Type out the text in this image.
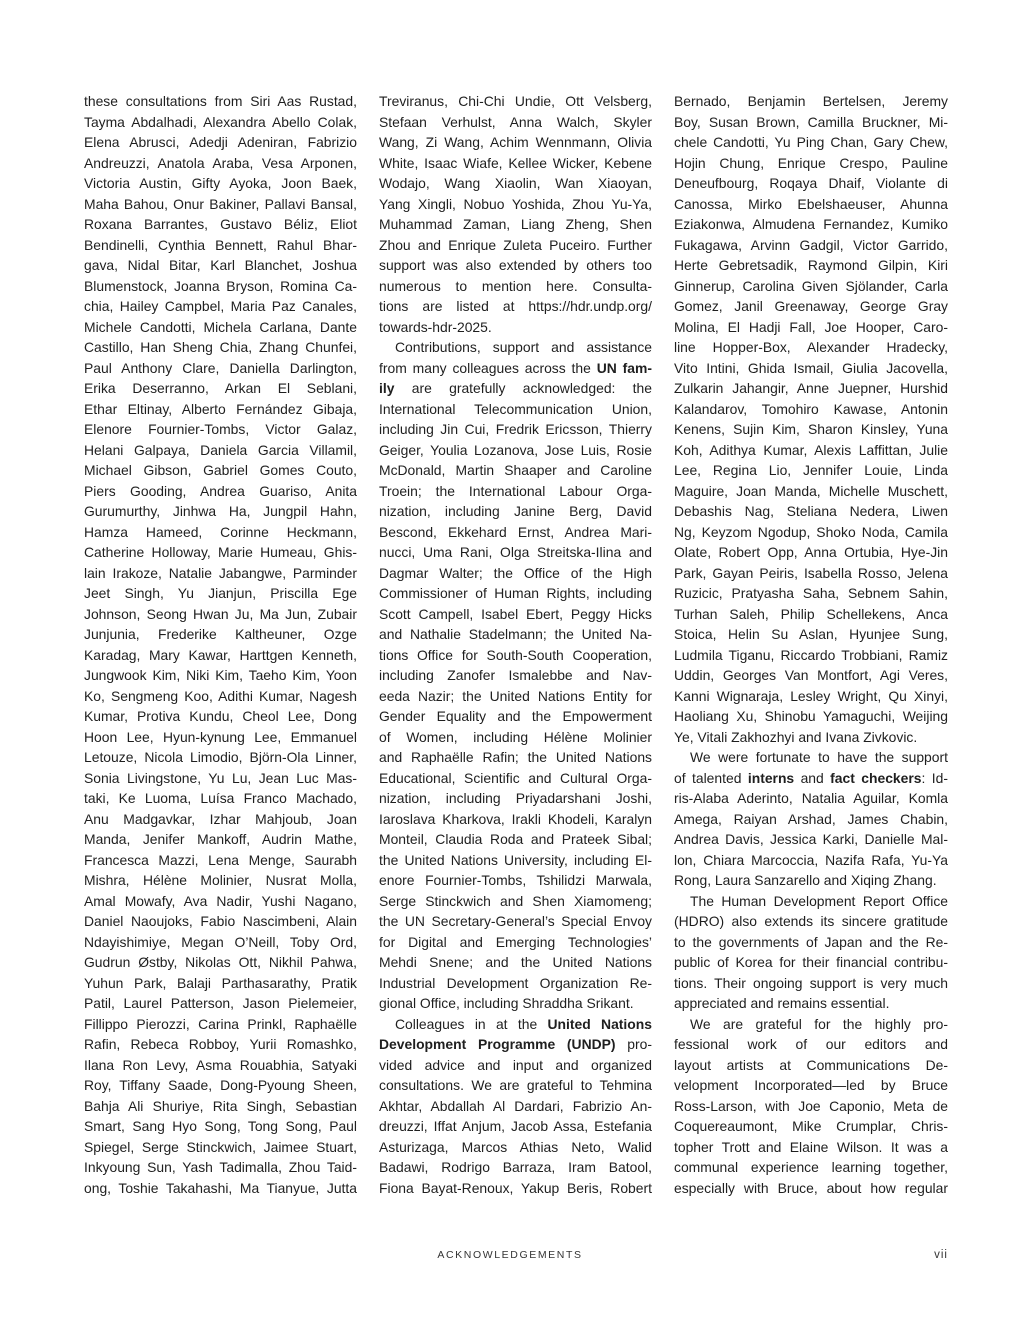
these consultations from Siri Aas Rustad,
Tayma Abdalhadi, Alexandra Abello Colak,
Elena Abrusci, Adedji Adeniran, Fabrizio
Andreuzzi, Anatola Araba, Vesa Arponen,
Victoria Austin, Gifty Ayoka, Joon Baek,
Maha Bahou, Onur Bakiner, Pallavi Bansal,
Roxana Barrantes, Gustavo Béliz, Eliot
Bendinelli, Cynthia Bennett, Rahul Bhar-
gava, Nidal Bitar, Karl Blanchet, Joshua
Blumenstock, Joanna Bryson, Romina Ca-
chia, Hailey Campbel, Maria Paz Canales,
Michele Candotti, Michela Carlana, Dante
Castillo, Han Sheng Chia, Zhang Chunfei,
Paul Anthony Clare, Daniella Darlington,
Erika Deserranno, Arkan El Seblani,
Ethar Eltinay, Alberto Fernández Gibaja,
Elenore Fournier-Tombs, Victor Galaz,
Helani Galpaya, Daniela Garcia Villamil,
Michael Gibson, Gabriel Gomes Couto,
Piers Gooding, Andrea Guariso, Anita
Gurumurthy, Jinhwa Ha, Jungpil Hahn,
Hamza Hameed, Corinne Heckmann,
Catherine Holloway, Marie Humeau, Ghis-
lain Irakoze, Natalie Jabangwe, Parminder
Jeet Singh, Yu Jianjun, Priscilla Ege
Johnson, Seong Hwan Ju, Ma Jun, Zubair
Junjunia, Frederike Kaltheuner, Ozge
Karadag, Mary Kawar, Harttgen Kenneth,
Jungwook Kim, Niki Kim, Taeho Kim, Yoon
Ko, Sengmeng Koo, Adithi Kumar, Nagesh
Kumar, Protiva Kundu, Cheol Lee, Dong
Hoon Lee, Hyun-kynung Lee, Emmanuel
Letouze, Nicola Limodio, Björn-Ola Linner,
Sonia Livingstone, Yu Lu, Jean Luc Mas-
taki, Ke Luoma, Luísa Franco Machado,
Anu Madgavkar, Izhar Mahjoub, Joan
Manda, Jenifer Mankoff, Audrin Mathe,
Francesca Mazzi, Lena Menge, Saurabh
Mishra, Hélène Molinier, Nusrat Molla,
Amal Mowafy, Ava Nadir, Yushi Nagano,
Daniel Naoujoks, Fabio Nascimbeni, Alain
Ndayishimiye, Megan O’Neill, Toby Ord,
Gudrun Østby, Nikolas Ott, Nikhil Pahwa,
Yuhun Park, Balaji Parthasarathy, Pratik
Patil, Laurel Patterson, Jason Pielemeier,
Fillippo Pierozzi, Carina Prinkl, Raphaëlle
Rafin, Rebeca Robboy, Yurii Romashko,
Ilana Ron Levy, Asma Rouabhia, Satyaki
Roy, Tiffany Saade, Dong-Pyoung Sheen,
Bahja Ali Shuriye, Rita Singh, Sebastian
Smart, Sang Hyo Song, Tong Song, Paul
Spiegel, Serge Stinckwich, Jaimee Stuart,
Inkyoung Sun, Yash Tadimalla, Zhou Taid-
ong, Toshie Takahashi, Ma Tianyue, Jutta
Treviranus, Chi-Chi Undie, Ott Velsberg,
Stefaan Verhulst, Anna Walch, Skyler
Wang, Zi Wang, Achim Wennmann, Olivia
White, Isaac Wiafe, Kellee Wicker, Kebene
Wodajo, Wang Xiaolin, Wan Xiaoyan,
Yang Xingli, Nobuo Yoshida, Zhou Yu-Ya,
Muhammad Zaman, Liang Zheng, Shen
Zhou and Enrique Zuleta Puceiro. Further
support was also extended by others too
numerous to mention here. Consulta-
tions are listed at https://hdr.undp.org/
towards-hdr-2025.
Contributions, support and assistance
from many colleagues across the UN fam-
ily are gratefully acknowledged: the
International Telecommunication Union,
including Jin Cui, Fredrik Ericsson, Thierry
Geiger, Youlia Lozanova, Jose Luis, Rosie
McDonald, Martin Shaaper and Caroline
Troein; the International Labour Orga-
nization, including Janine Berg, David
Bescond, Ekkehard Ernst, Andrea Mari-
nucci, Uma Rani, Olga Streitska-Ilina and
Dagmar Walter; the Office of the High
Commissioner of Human Rights, including
Scott Campell, Isabel Ebert, Peggy Hicks
and Nathalie Stadelmann; the United Na-
tions Office for South-South Cooperation,
including Zanofer Ismalebbe and Nav-
eeda Nazir; the United Nations Entity for
Gender Equality and the Empowerment
of Women, including Hélène Molinier
and Raphaëlle Rafin; the United Nations
Educational, Scientific and Cultural Orga-
nization, including Priyadarshani Joshi,
Iaroslava Kharkova, Irakli Khodeli, Karalyn
Monteil, Claudia Roda and Prateek Sibal;
the United Nations University, including El-
enore Fournier-Tombs, Tshilidzi Marwala,
Serge Stinckwich and Shen Xiamomeng;
the UN Secretary-General’s Special Envoy
for Digital and Emerging Technologies’
Mehdi Snene; and the United Nations
Industrial Development Organization Re-
gional Office, including Shraddha Srikant.
Colleagues in at the United Nations
Development Programme (UNDP) pro-
vided advice and input and organized
consultations. We are grateful to Tehmina
Akhtar, Abdallah Al Dardari, Fabrizio An-
dreuzzi, Iffat Anjum, Jacob Assa, Estefania
Asturizaga, Marcos Athias Neto, Walid
Badawi, Rodrigo Barraza, Iram Batool,
Fiona Bayat-Renoux, Yakup Beris, Robert
Bernado, Benjamin Bertelsen, Jeremy
Boy, Susan Brown, Camilla Bruckner, Mi-
chele Candotti, Yu Ping Chan, Gary Chew,
Hojin Chung, Enrique Crespo, Pauline
Deneufbourg, Roqaya Dhaif, Violante di
Canossa, Mirko Ebelshaeuser, Ahunna
Eziakonwa, Almudena Fernandez, Kumiko
Fukagawa, Arvinn Gadgil, Victor Garrido,
Herte Gebretsadik, Raymond Gilpin, Kiri
Ginnerup, Carolina Given Sjölander, Carla
Gomez, Janil Greenaway, George Gray
Molina, El Hadji Fall, Joe Hooper, Caro-
line Hopper-Box, Alexander Hradecky,
Vito Intini, Ghida Ismail, Giulia Jacovella,
Zulkarin Jahangir, Anne Juepner, Hurshid
Kalandarov, Tomohiro Kawase, Antonin
Kenens, Sujin Kim, Sharon Kinsley, Yuna
Koh, Adithya Kumar, Alexis Laffittan, Julie
Lee, Regina Lio, Jennifer Louie, Linda
Maguire, Joan Manda, Michelle Muschett,
Debashis Nag, Steliana Nedera, Liwen
Ng, Keyzom Ngodup, Shoko Noda, Camila
Olate, Robert Opp, Anna Ortubia, Hye-Jin
Park, Gayan Peiris, Isabella Rosso, Jelena
Ruzicic, Pratyasha Saha, Sebnem Sahin,
Turhan Saleh, Philip Schellekens, Anca
Stoica, Helin Su Aslan, Hyunjee Sung,
Ludmila Tiganu, Riccardo Trobbiani, Ramiz
Uddin, Georges Van Montfort, Agi Veres,
Kanni Wignaraja, Lesley Wright, Qu Xinyi,
Haoliang Xu, Shinobu Yamaguchi, Weijing
Ye, Vitali Zakhozhyi and Ivana Zivkovic.
We were fortunate to have the support
of talented interns and fact checkers: Id-
ris-Alaba Aderinto, Natalia Aguilar, Komla
Amega, Raiyan Arshad, James Chabin,
Andrea Davis, Jessica Karki, Danielle Mal-
lon, Chiara Marcoccia, Nazifa Rafa, Yu-Ya
Rong, Laura Sanzarello and Xiqing Zhang.
The Human Development Report Office
(HDRO) also extends its sincere gratitude
to the governments of Japan and the Re-
public of Korea for their financial contribu-
tions. Their ongoing support is very much
appreciated and remains essential.
We are grateful for the highly pro-
fessional work of our editors and
layout artists at Communications De-
velopment Incorporated—led by Bruce
Ross-Larson, with Joe Caponio, Meta de
Coquereaumont, Mike Crumplar, Chris-
topher Trott and Elaine Wilson. It was a
communal experience learning together,
especially with Bruce, about how regular
ACKNOWLEDGEMENTS	vii
